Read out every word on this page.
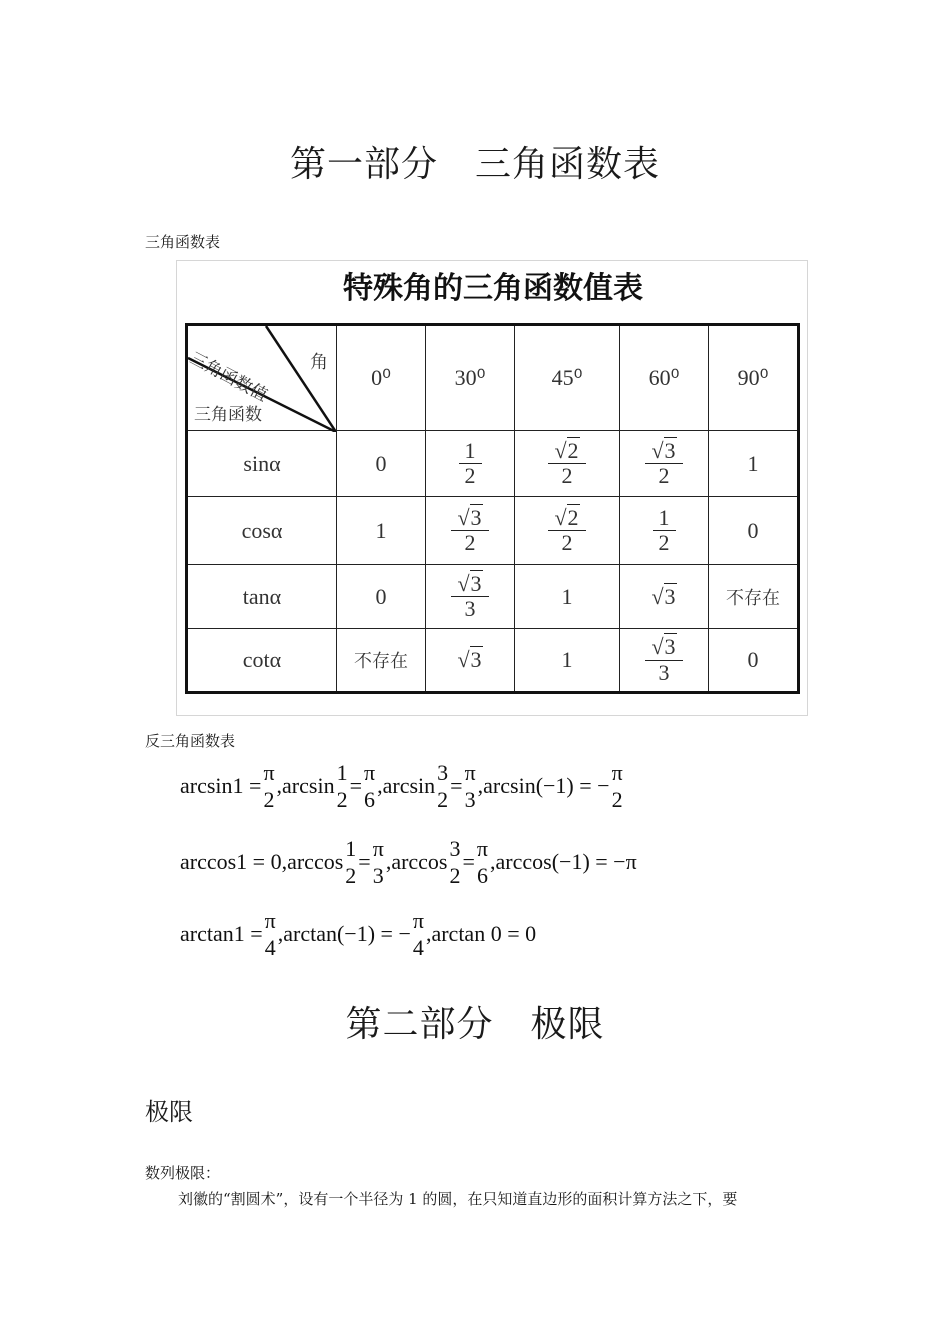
第一部分　三角函数表
三角函数表
特殊角的三角函数值表
角
三角函数值
三角函数	0⁰	30⁰	45⁰	60⁰	90⁰
sinα	0	$\frac{1}{2}$	$\frac{√2}{2}$	$\frac{√3}{2}$	1
cosα	1	$\frac{√3}{2}$	$\frac{√2}{2}$	$\frac{1}{2}$	0
tanα	0	$\frac{√3}{3}$	1	√3	不存在
cotα	不存在	√3	1	$\frac{√3}{3}$	0
反三角函数表
arcsin1 =
π
2
,arcsin
1
2
=
π
6
,arcsin
3
2
=
π
3
,arcsin(−1) = −
π
2
arccos1 = 0,arccos
1
2
=
π
3
,arccos
3
2
=
π
6
,arccos(−1) = −π
arctan1 =
π
4
,arctan(−1) = −
π
4
,arctan 0 = 0
第二部分　极限
极限
数列极限：
刘徽的“割圆术”，设有一个半径为 1 的圆，在只知道直边形的面积计算方法之下，要
